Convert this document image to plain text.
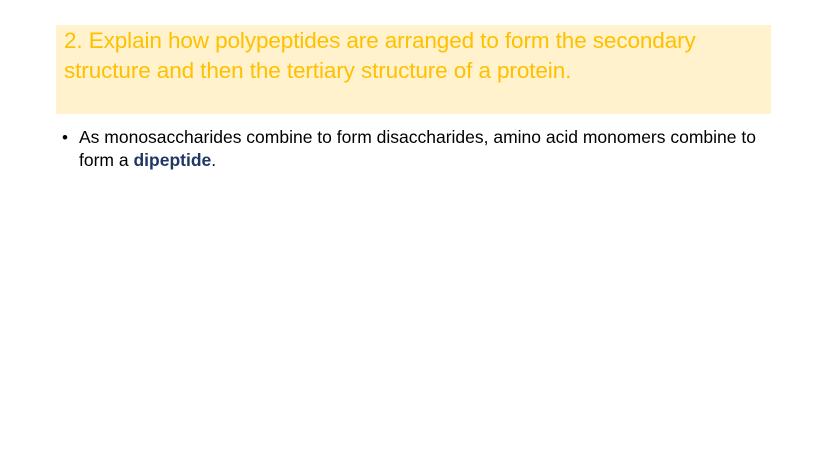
2. Explain how polypeptides are arranged to form the secondary structure and then the tertiary structure of a protein.
• As monosaccharides combine to form disaccharides, amino acid monomers combine to form a dipeptide.
